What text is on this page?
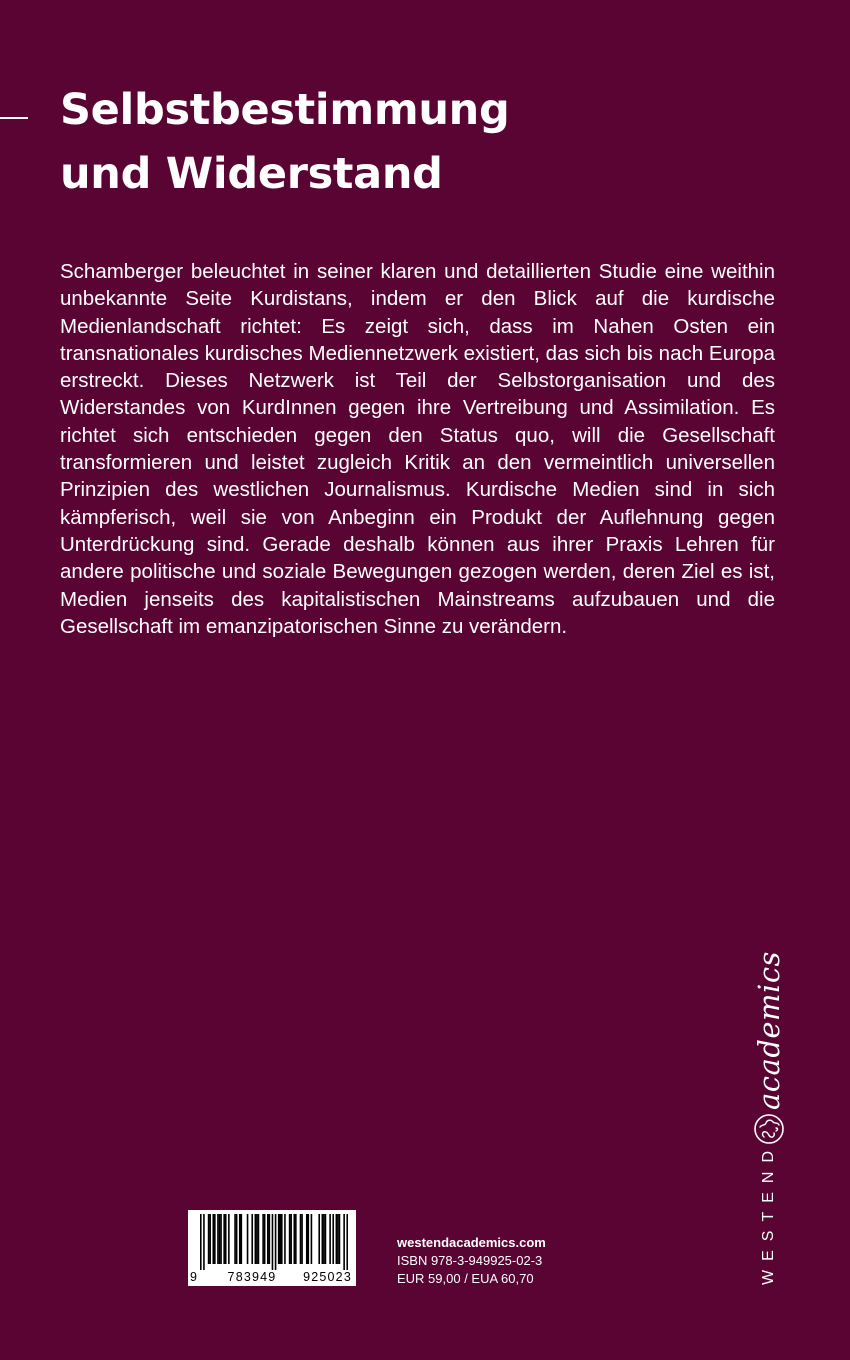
Selbstbestimmung
und Widerstand

Schamberger beleuchtet in seiner klaren und detaillierten Studie eine weithin unbekannte Seite Kurdistans, indem er den Blick auf die kurdische Medienlandschaft richtet: Es zeigt sich, dass im Nahen Osten ein transnationales kurdisches Mediennetzwerk existiert, das sich bis nach Europa erstreckt. Dieses Netzwerk ist Teil der Selbstorganisation und des Widerstandes von KurdInnen gegen ihre Vertreibung und Assimilation. Es richtet sich entschieden gegen den Status quo, will die Gesellschaft transformieren und leistet zugleich Kritik an den vermeintlich universellen Prinzipien des westlichen Journalismus. Kurdische Medien sind in sich kämpferisch, weil sie von Anbeginn ein Produkt der Auflehnung gegen Unterdrückung sind. Gerade deshalb können aus ihrer Praxis Lehren für andere politische und soziale Bewegungen gezogen werden, deren Ziel es ist, Medien jenseits des kapitalistischen Mainstreams aufzubauen und die Gesellschaft im emanzipatorischen Sinne zu verändern.

9 783949 925023
westendacademics.com
ISBN 978-3-949925-02-3
EUR 59,00 / EUA 60,70	WESTEND
academics
